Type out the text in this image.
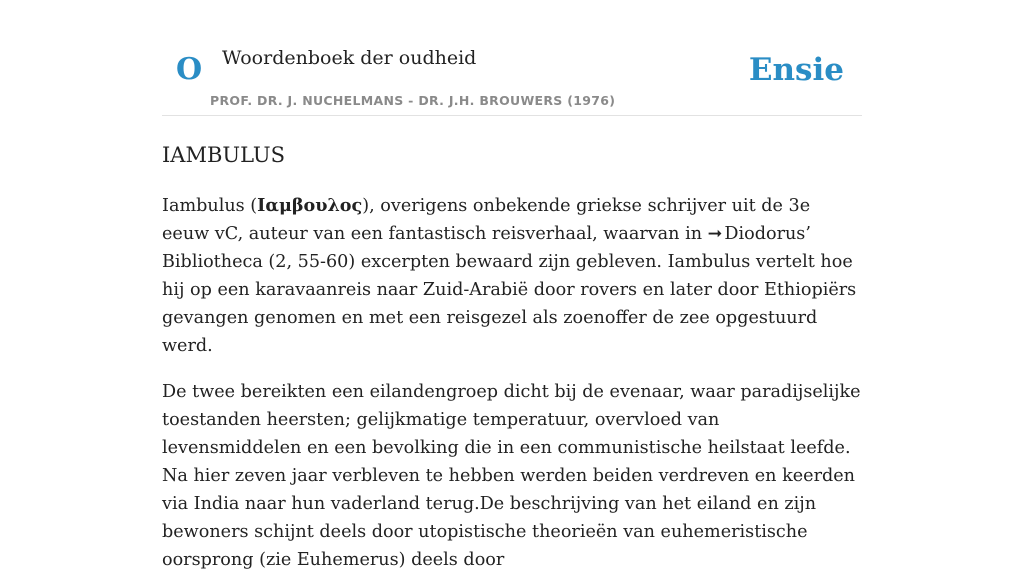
O Woordenboek der oudheid
PROF. DR. J. NUCHELMANS - DR. J.H. BROUWERS (1976)
Ensie
IAMBULUS

Iambulus (Ιαμβουλος), overigens onbekende griekse schrijver uit de 3e eeuw vC, auteur van een fantastisch reisverhaal, waarvan in ➞ Diodorus’ Bibliotheca (2, 55-60) excerpten bewaard zijn gebleven. Iambulus vertelt hoe hij op een karavaanreis naar Zuid-Arabië door rovers en later door Ethiopiërs gevangen genomen en met een reisgezel als zoenoffer de zee opgestuurd werd.

De twee bereikten een eilandengroep dicht bij de evenaar, waar paradijselijke toestanden heersten; gelijkmatige temperatuur, overvloed van levensmiddelen en een bevolking die in een communistische heilstaat leefde. Na hier zeven jaar verbleven te hebben werden beiden verdreven en keerden via India naar hun vaderland terug.De beschrijving van het eiland en zijn bewoners schijnt deels door utopistische theorieën van euhemeristische oorsprong (zie Euhemerus) deels door
